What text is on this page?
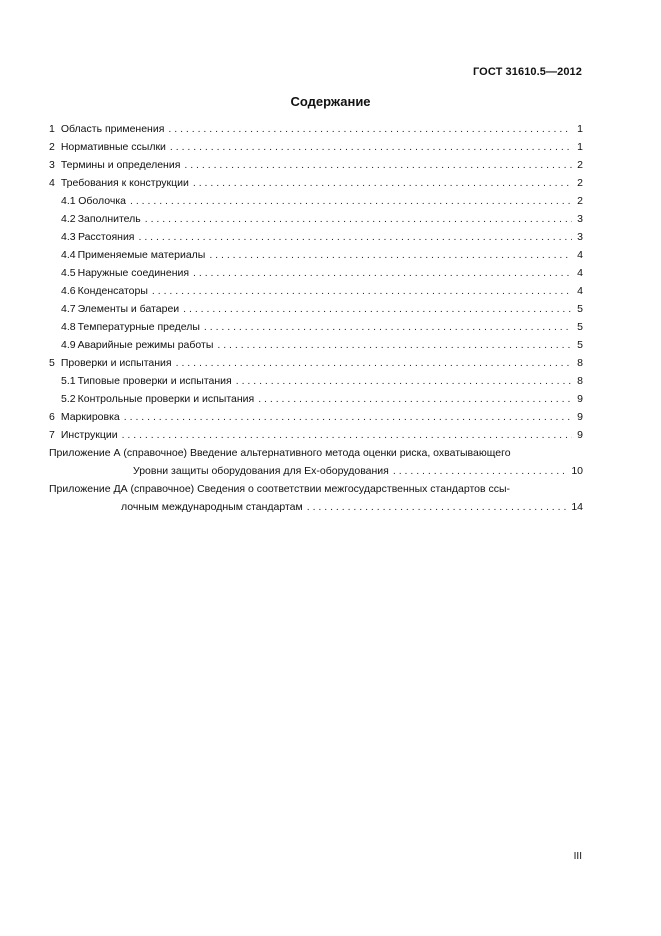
ГОСТ 31610.5—2012
Содержание
1 Область применения . . .	1
2 Нормативные ссылки . . .	1
3 Термины и определения . . .	2
4 Требования к конструкции . . .	2
4.1 Оболочка . . .	2
4.2 Заполнитель . . .	3
4.3 Расстояния . . .	3
4.4 Применяемые материалы . . .	4
4.5 Наружные соединения . . .	4
4.6 Конденсаторы . . .	4
4.7 Элементы и батареи . . .	5
4.8 Температурные пределы . . .	5
4.9 Аварийные режимы работы . . .	5
5 Проверки и испытания . . .	8
5.1 Типовые проверки и испытания . . .	8
5.2 Контрольные проверки и испытания . . .	9
6 Маркировка . . .	9
7 Инструкции . . .	9
Приложение А (справочное) Введение альтернативного метода оценки риска, охватывающего
Уровни защиты оборудования для Ex-оборудования . . .	10
Приложение ДА (справочное) Сведения о соответствии межгосударственных стандартов ссы-
лочным международным стандартам . . .	14
III
